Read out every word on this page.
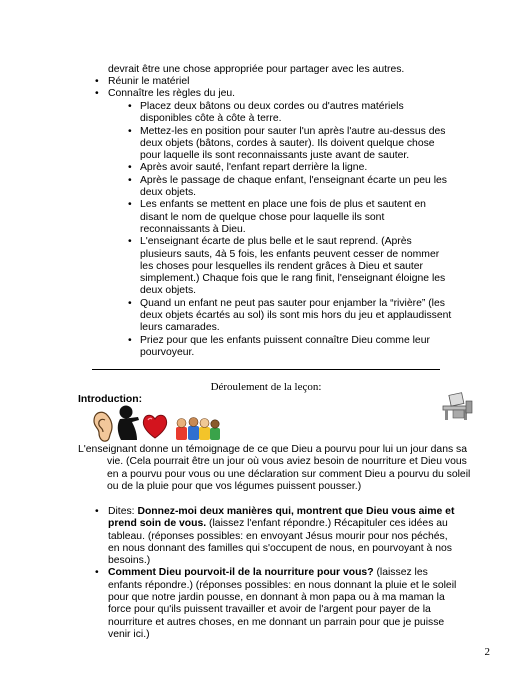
devrait être une chose appropriée pour partager avec les autres.
• Réunir le matériel
• Connaître les règles du jeu.
• Placez deux bâtons ou deux cordes ou d'autres matériels disponibles côte à côte à terre.
• Mettez-les en position pour sauter l'un après l'autre au-dessus des deux objets (bâtons, cordes à sauter). Ils doivent quelque chose pour laquelle ils sont reconnaissants juste avant de sauter.
• Après avoir sauté, l'enfant repart derrière la ligne.
• Après le passage de chaque enfant, l'enseignant écarte un peu les deux objets.
• Les enfants se mettent en place une fois de plus et sautent en disant le nom de quelque chose pour laquelle ils sont reconnaissants à Dieu.
• L'enseignant écarte de plus belle et le saut reprend. (Après plusieurs sauts, 4à 5 fois, les enfants peuvent cesser de nommer les choses pour lesquelles ils rendent grâces à Dieu et sauter simplement.) Chaque fois que le rang finit, l'enseignant éloigne les deux objets.
• Quand un enfant ne peut pas sauter pour enjamber la “rivière” (les deux objets écartés au sol) ils sont mis hors du jeu et applaudissent leurs camarades.
• Priez pour que les enfants puissent connaître Dieu comme leur pourvoyeur.
Déroulement de la leçon:
Introduction:
L'enseignant donne un témoignage de ce que Dieu a pourvu pour lui un jour dans sa vie. (Cela pourrait être un jour où vous aviez besoin de nourriture et Dieu vous en a pourvu pour vous ou une déclaration sur comment Dieu a pourvu du soleil ou de la pluie pour que vos légumes puissent pousser.)
• Dites: Donnez-moi deux manières qui, montrent que Dieu vous aime et prend soin de vous. (laissez l'enfant répondre.) Récapituler ces idées au tableau. (réponses possibles: en envoyant Jésus mourir pour nos péchés, en nous donnant des familles qui s'occupent de nous, en pourvoyant à nos besoins.)
• Comment Dieu pourvoit-il de la nourriture pour vous? (laissez les enfants répondre.) (réponses possibles: en nous donnant la pluie et le soleil pour que notre jardin pousse, en donnant à mon papa ou à ma maman la force pour qu'ils puissent travailler et avoir de l'argent pour payer de la nourriture et autres choses, en me donnant un parrain pour que je puisse venir ici.)
2
